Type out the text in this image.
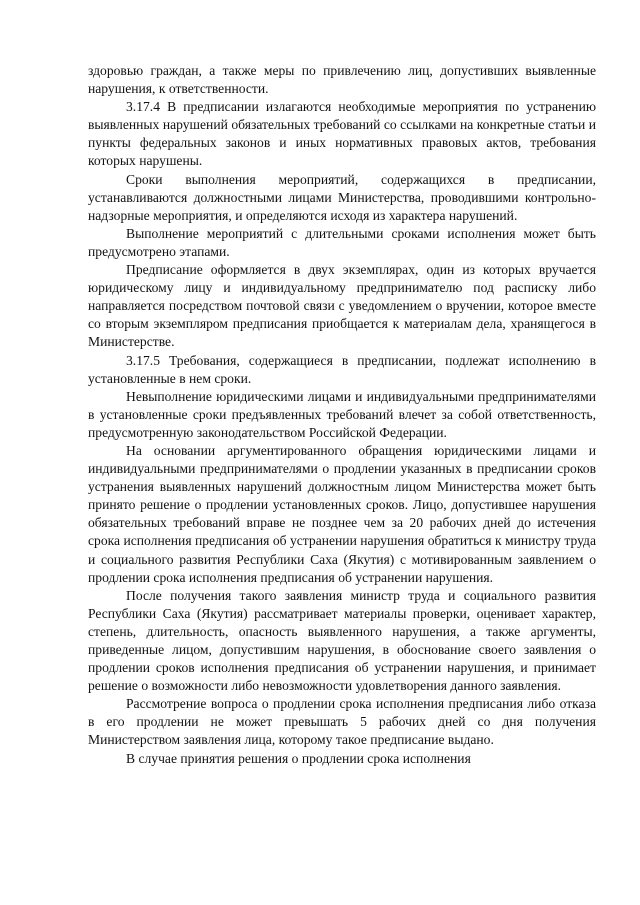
здоровью граждан, а также меры по привлечению лиц, допустивших выявленные нарушения, к ответственности.

3.17.4 В предписании излагаются необходимые мероприятия по устранению выявленных нарушений обязательных требований со ссылками на конкретные статьи и пункты федеральных законов и иных нормативных правовых актов, требования которых нарушены.

Сроки выполнения мероприятий, содержащихся в предписании, устанавливаются должностными лицами Министерства, проводившими контрольно-надзорные мероприятия, и определяются исходя из характера нарушений.

Выполнение мероприятий с длительными сроками исполнения может быть предусмотрено этапами.

Предписание оформляется в двух экземплярах, один из которых вручается юридическому лицу и индивидуальному предпринимателю под расписку либо направляется посредством почтовой связи с уведомлением о вручении, которое вместе со вторым экземпляром предписания приобщается к материалам дела, хранящегося в Министерстве.

3.17.5 Требования, содержащиеся в предписании, подлежат исполнению в установленные в нем сроки.

Невыполнение юридическими лицами и индивидуальными предпринимателями в установленные сроки предъявленных требований влечет за собой ответственность, предусмотренную законодательством Российской Федерации.

На основании аргументированного обращения юридическими лицами и индивидуальными предпринимателями о продлении указанных в предписании сроков устранения выявленных нарушений должностным лицом Министерства может быть принято решение о продлении установленных сроков. Лицо, допустившее нарушения обязательных требований вправе не позднее чем за 20 рабочих дней до истечения срока исполнения предписания об устранении нарушения обратиться к министру труда и социального развития Республики Саха (Якутия) с мотивированным заявлением о продлении срока исполнения предписания об устранении нарушения.

После получения такого заявления министр труда и социального развития Республики Саха (Якутия) рассматривает материалы проверки, оценивает характер, степень, длительность, опасность выявленного нарушения, а также аргументы, приведенные лицом, допустившим нарушения, в обоснование своего заявления о продлении сроков исполнения предписания об устранении нарушения, и принимает решение о возможности либо невозможности удовлетворения данного заявления.

Рассмотрение вопроса о продлении срока исполнения предписания либо отказа в его продлении не может превышать 5 рабочих дней со дня получения Министерством заявления лица, которому такое предписание выдано.

В случае принятия решения о продлении срока исполнения
